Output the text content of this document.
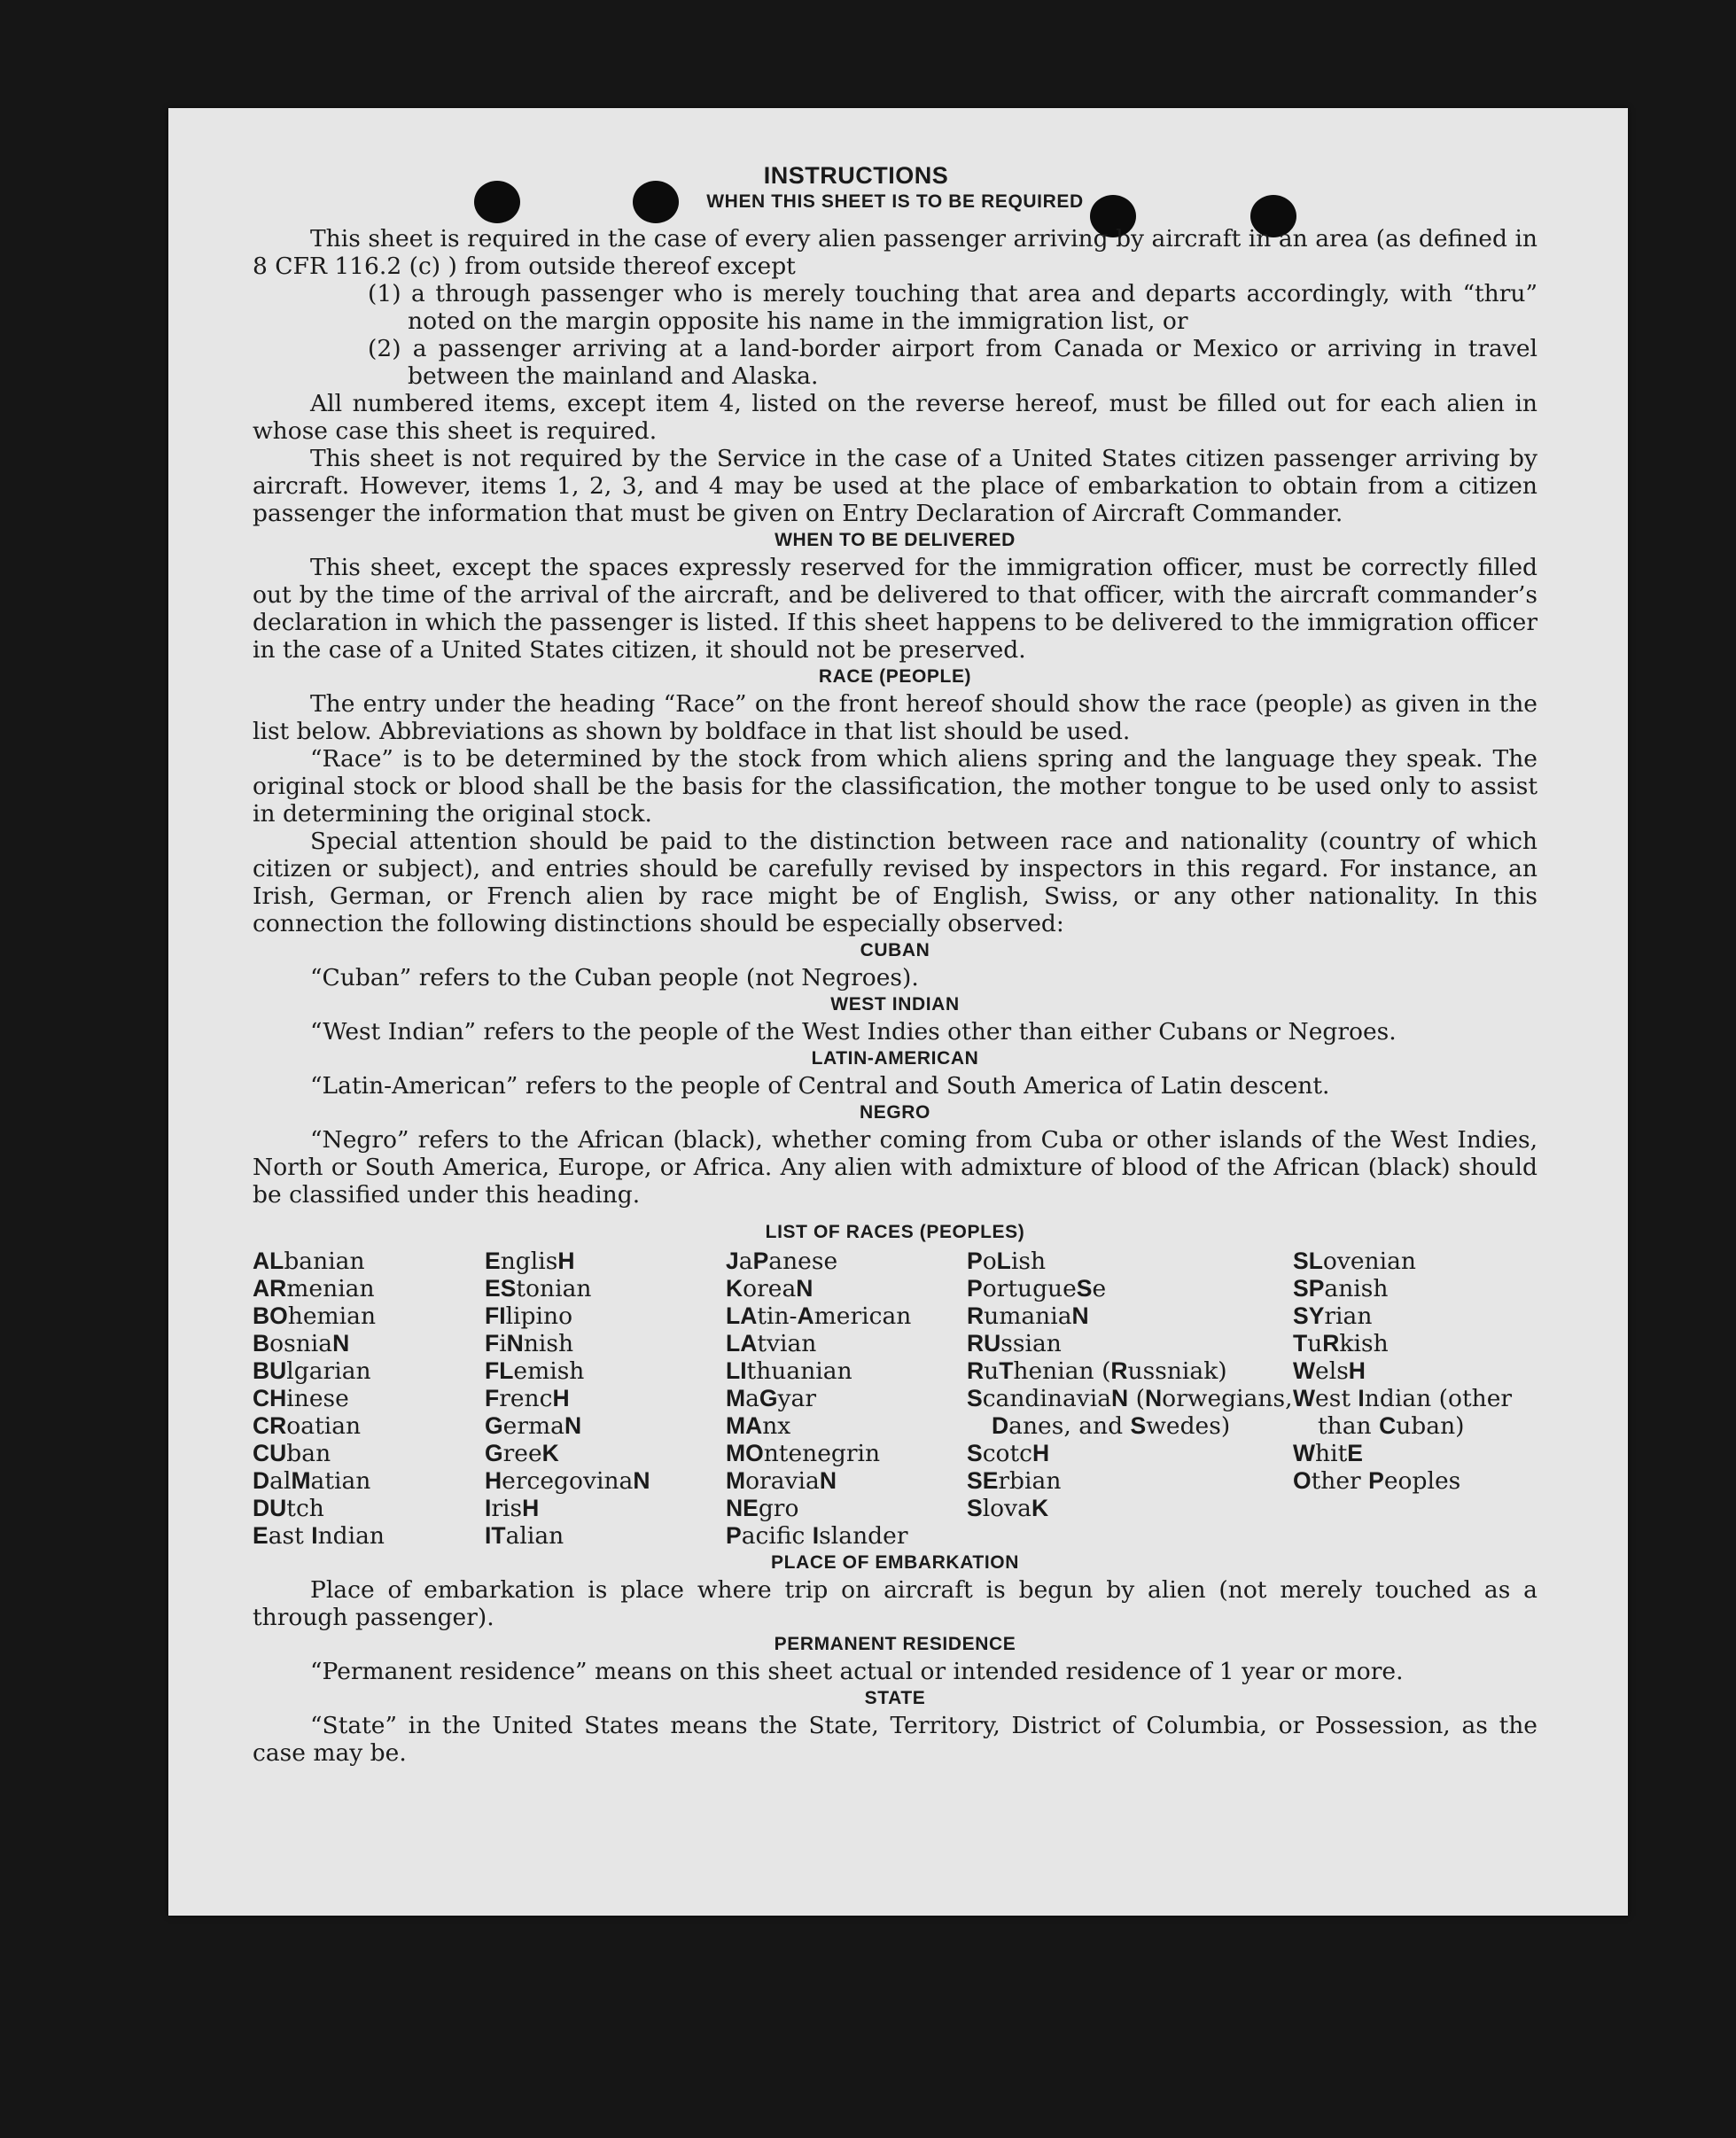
INSTRUCTIONS
WHEN THIS SHEET IS TO BE REQUIRED

This sheet is required in the case of every alien passenger arriving by aircraft in an area (as defined in 8 CFR 116.2 (c) ) from outside thereof except

(1) a through passenger who is merely touching that area and departs accordingly, with “thru” noted on the margin opposite his name in the immigration list, or

(2) a passenger arriving at a land-border airport from Canada or Mexico or arriving in travel between the mainland and Alaska.

All numbered items, except item 4, listed on the reverse hereof, must be filled out for each alien in whose case this sheet is required.

This sheet is not required by the Service in the case of a United States citizen passenger arriving by aircraft. However, items 1, 2, 3, and 4 may be used at the place of embarkation to obtain from a citizen passenger the information that must be given on Entry Declaration of Aircraft Commander.

WHEN TO BE DELIVERED

This sheet, except the spaces expressly reserved for the immigration officer, must be correctly filled out by the time of the arrival of the aircraft, and be delivered to that officer, with the aircraft commander’s declaration in which the passenger is listed. If this sheet happens to be delivered to the immigration officer in the case of a United States citizen, it should not be preserved.

RACE (PEOPLE)

The entry under the heading “Race” on the front hereof should show the race (people) as given in the list below. Abbreviations as shown by boldface in that list should be used.

“Race” is to be determined by the stock from which aliens spring and the language they speak. The original stock or blood shall be the basis for the classification, the mother tongue to be used only to assist in determining the original stock.

Special attention should be paid to the distinction between race and nationality (country of which citizen or subject), and entries should be carefully revised by inspectors in this regard. For instance, an Irish, German, or French alien by race might be of English, Swiss, or any other nationality. In this connection the following distinctions should be especially observed:

CUBAN

“Cuban” refers to the Cuban people (not Negroes).

WEST INDIAN

“West Indian” refers to the people of the West Indies other than either Cubans or Negroes.

LATIN-AMERICAN

“Latin-American” refers to the people of Central and South America of Latin descent.

NEGRO

“Negro” refers to the African (black), whether coming from Cuba or other islands of the West Indies, North or South America, Europe, or Africa. Any alien with admixture of blood of the African (black) should be classified under this heading.

LIST OF RACES (PEOPLES)
ALbanian
ARmenian
BOhemian
BosniaN
BUlgarian
CHinese
CRoatian
CUban
DalMatian
DUtch
East Indian
EnglisH
EStonian
FIlipino
FiNnish
FLemish
FrencH
GermaN
GreeK
HercegovinaN
IrisH
ITalian
JaPanese
KoreaN
LAtin-American
LAtvian
LIthuanian
MaGyar
MAnx
MOntenegrin
MoraviaN
NEgro
Pacifc Islander
PoLish
PortugueSe
RumaniaN
RUssian
RuThenian (Russniak)
ScandinaviaN (Norwegians, Danes, and Swedes)
ScotcH
SErbian
SlovaK
SLovenian
SPanish
SYrian
TuRkish
WelsH
West Indian (other than Cuban)
WhitE
Other Peoples
PLACE OF EMBARKATION

Place of embarkation is place where trip on aircraft is begun by alien (not merely touched as a through passenger).

PERMANENT RESIDENCE

“Permanent residence” means on this sheet actual or intended residence of 1 year or more.

STATE

“State” in the United States means the State, Territory, District of Columbia, or Possession, as the case may be.
